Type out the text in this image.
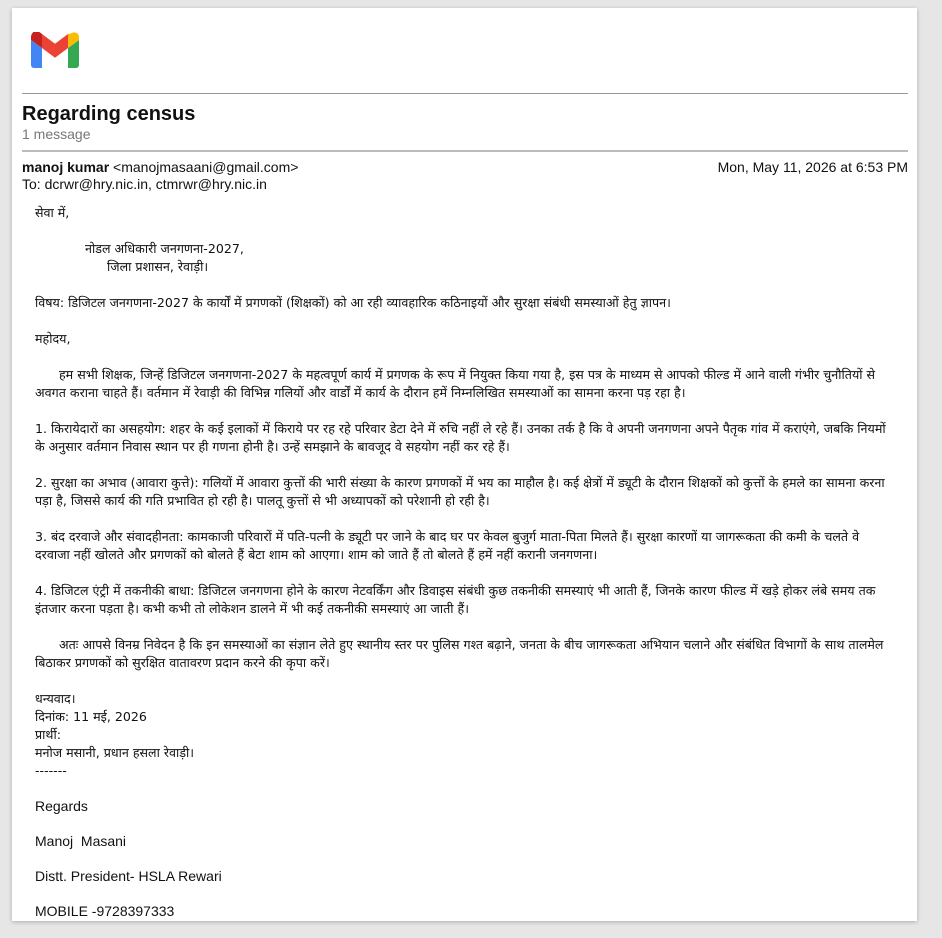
Regarding census
1 message
manoj kumar <manojmasaani@gmail.com>	Mon, May 11, 2026 at 6:53 PM
To: dcrwr@hry.nic.in, ctmrwr@hry.nic.in

सेवा में,

नोडल अधिकारी जनगणना-2027,

जिला प्रशासन, रेवाड़ी।

विषय: डिजिटल जनगणना-2027 के कार्यों में प्रगणकों (शिक्षकों) को आ रही व्यावहारिक कठिनाइयों और सुरक्षा संबंधी समस्याओं हेतु ज्ञापन।

महोदय,

हम सभी शिक्षक, जिन्हें डिजिटल जनगणना-2027 के महत्वपूर्ण कार्य में प्रगणक के रूप में नियुक्त किया गया है, इस पत्र के माध्यम से आपको फील्ड में आने वाली गंभीर चुनौतियों से अवगत कराना चाहते हैं। वर्तमान में रेवाड़ी की विभिन्न गलियों और वार्डों में कार्य के दौरान हमें निम्नलिखित समस्याओं का सामना करना पड़ रहा है।

1. किरायेदारों का असहयोग: शहर के कई इलाकों में किराये पर रह रहे परिवार डेटा देने में रुचि नहीं ले रहे हैं। उनका तर्क है कि वे अपनी जनगणना अपने पैतृक गांव में कराएंगे, जबकि नियमों के अनुसार वर्तमान निवास स्थान पर ही गणना होनी है। उन्हें समझाने के बावजूद वे सहयोग नहीं कर रहे हैं।

2. सुरक्षा का अभाव (आवारा कुत्ते): गलियों में आवारा कुत्तों की भारी संख्या के कारण प्रगणकों में भय का माहौल है। कई क्षेत्रों में ड्यूटी के दौरान शिक्षकों को कुत्तों के हमले का सामना करना पड़ा है, जिससे कार्य की गति प्रभावित हो रही है। पालतू कुत्तों से भी अध्यापकों को परेशानी हो रही है।

3. बंद दरवाजे और संवादहीनता: कामकाजी परिवारों में पति-पत्नी के ड्यूटी पर जाने के बाद घर पर केवल बुजुर्ग माता-पिता मिलते हैं। सुरक्षा कारणों या जागरूकता की कमी के चलते वे दरवाजा नहीं खोलते और प्रगणकों को बोलते हैं बेटा शाम को आएगा। शाम को जाते हैं तो बोलते हैं हमें नहीं करानी जनगणना।

4. डिजिटल एंट्री में तकनीकी बाधा: डिजिटल जनगणना होने के कारण नेटवर्किंग और डिवाइस संबंधी कुछ तकनीकी समस्याएं भी आती हैं, जिनके कारण फील्ड में खड़े होकर लंबे समय तक इंतजार करना पड़ता है। कभी कभी तो लोकेशन डालने में भी कई तकनीकी समस्याएं आ जाती हैं।

अतः आपसे विनम्र निवेदन है कि इन समस्याओं का संज्ञान लेते हुए स्थानीय स्तर पर पुलिस गश्त बढ़ाने, जनता के बीच जागरूकता अभियान चलाने और संबंधित विभागों के साथ तालमेल बिठाकर प्रगणकों को सुरक्षित वातावरण प्रदान करने की कृपा करें।

धन्यवाद।

दिनांक: 11 मई, 2026

प्रार्थी:

मनोज मसानी, प्रधान हसला रेवाड़ी।

-------

Regards

Manoj  Masani

Distt. President- HSLA Rewari

MOBILE -9728397333
